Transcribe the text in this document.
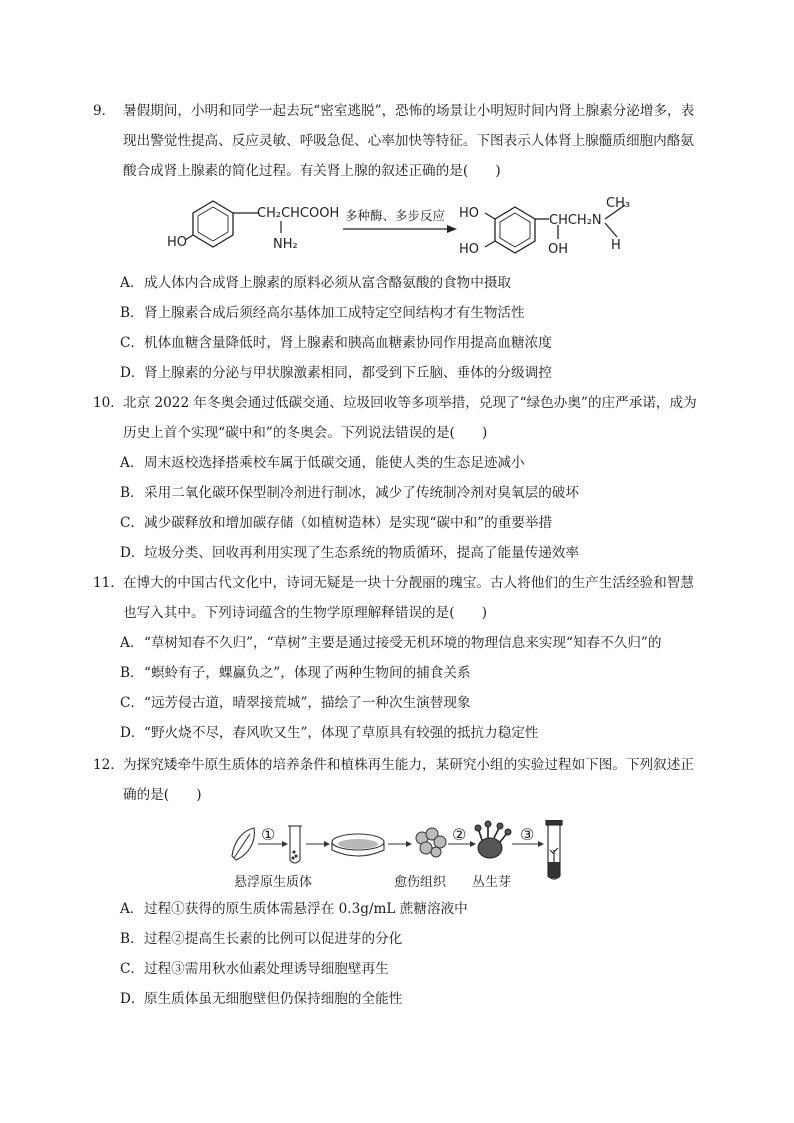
9． 暑假期间，小明和同学一起去玩“密室逃脱”，恐怖的场景让小明短时间内肾上腺素分泌增多，表现出警觉性提高、反应灵敏、呼吸急促、心率加快等特征。下图表示人体肾上腺髓质细胞内酪氨酸合成肾上腺素的简化过程。有关肾上腺的叙述正确的是(　　)

CH₂CHCOOH
NH₂
HO
多种酶、多步反应 HO
HO
CHCH₂N
OH
CH₃
H
A．成人体内合成肾上腺素的原料必须从富含酪氨酸的食物中摄取
B．肾上腺素合成后须经高尔基体加工成特定空间结构才有生物活性
C．机体血糖含量降低时，肾上腺素和胰高血糖素协同作用提高血糖浓度
D．肾上腺素的分泌与甲状腺激素相同，都受到下丘脑、垂体的分级调控

10．北京 2022 年冬奥会通过低碳交通、垃圾回收等多项举措，兑现了“绿色办奥”的庄严承诺，成为历史上首个实现“碳中和”的冬奥会。下列说法错误的是(　　)

A．周末返校选择搭乘校车属于低碳交通，能使人类的生态足迹减小
B．采用二氧化碳环保型制冷剂进行制冰，减少了传统制冷剂对臭氧层的破坏
C．减少碳释放和增加碳存储（如植树造林）是实现“碳中和”的重要举措
D．垃圾分类、回收再利用实现了生态系统的物质循环，提高了能量传递效率

11．在博大的中国古代文化中，诗词无疑是一块十分靓丽的瑰宝。古人将他们的生产生活经验和智慧也写入其中。下列诗词蕴含的生物学原理解释错误的是(　　)

A．“草树知春不久归”，“草树”主要是通过接受无机环境的物理信息来实现“知春不久归”的
B．“螟蛉有子，蜾蠃负之”，体现了两种生物间的捕食关系
C．“远芳侵古道，晴翠接荒城”，描绘了一种次生演替现象
D．“野火烧不尽，春风吹又生”，体现了草原具有较强的抵抗力稳定性

12．为探究矮牵牛原生质体的培养条件和植株再生能力，某研究小组的实验过程如下图。下列叙述正确的是(　　)

①	②	③
悬浮原生质体	愈伤组织 丛生芽
A．过程①获得的原生质体需悬浮在 0.3g/mL 蔗糖溶液中
B．过程②提高生长素的比例可以促进芽的分化
C．过程③需用秋水仙素处理诱导细胞壁再生
D．原生质体虽无细胞壁但仍保持细胞的全能性
